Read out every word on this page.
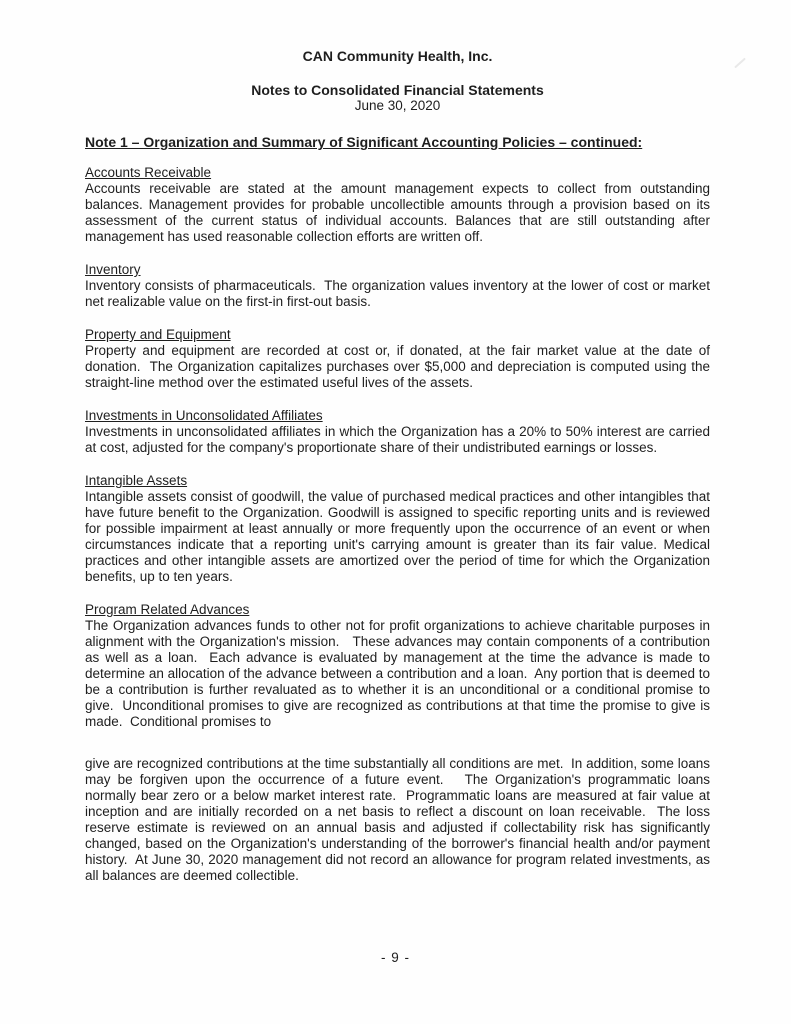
CAN Community Health, Inc.
Notes to Consolidated Financial Statements
June 30, 2020
Note 1 – Organization and Summary of Significant Accounting Policies – continued:
Accounts Receivable
Accounts receivable are stated at the amount management expects to collect from outstanding balances. Management provides for probable uncollectible amounts through a provision based on its assessment of the current status of individual accounts. Balances that are still outstanding after management has used reasonable collection efforts are written off.
Inventory
Inventory consists of pharmaceuticals.  The organization values inventory at the lower of cost or market net realizable value on the first-in first-out basis.
Property and Equipment
Property and equipment are recorded at cost or, if donated, at the fair market value at the date of donation.  The Organization capitalizes purchases over $5,000 and depreciation is computed using the straight-line method over the estimated useful lives of the assets.
Investments in Unconsolidated Affiliates
Investments in unconsolidated affiliates in which the Organization has a 20% to 50% interest are carried at cost, adjusted for the company's proportionate share of their undistributed earnings or losses.
Intangible Assets
Intangible assets consist of goodwill, the value of purchased medical practices and other intangibles that have future benefit to the Organization. Goodwill is assigned to specific reporting units and is reviewed for possible impairment at least annually or more frequently upon the occurrence of an event or when circumstances indicate that a reporting unit's carrying amount is greater than its fair value. Medical practices and other intangible assets are amortized over the period of time for which the Organization benefits, up to ten years.
Program Related Advances
The Organization advances funds to other not for profit organizations to achieve charitable purposes in alignment with the Organization's mission.   These advances may contain components of a contribution as well as a loan.  Each advance is evaluated by management at the time the advance is made to determine an allocation of the advance between a contribution and a loan.  Any portion that is deemed to be a contribution is further revaluated as to whether it is an unconditional or a conditional promise to give.  Unconditional promises to give are recognized as contributions at that time the promise to give is made.  Conditional promises to
give are recognized contributions at the time substantially all conditions are met.  In addition, some loans may be forgiven upon the occurrence of a future event.   The Organization's programmatic loans normally bear zero or a below market interest rate.  Programmatic loans are measured at fair value at inception and are initially recorded on a net basis to reflect a discount on loan receivable.  The loss reserve estimate is reviewed on an annual basis and adjusted if collectability risk has significantly changed, based on the Organization's understanding of the borrower's financial health and/or payment history.  At June 30, 2020 management did not record an allowance for program related investments, as all balances are deemed collectible.
- 9 -
